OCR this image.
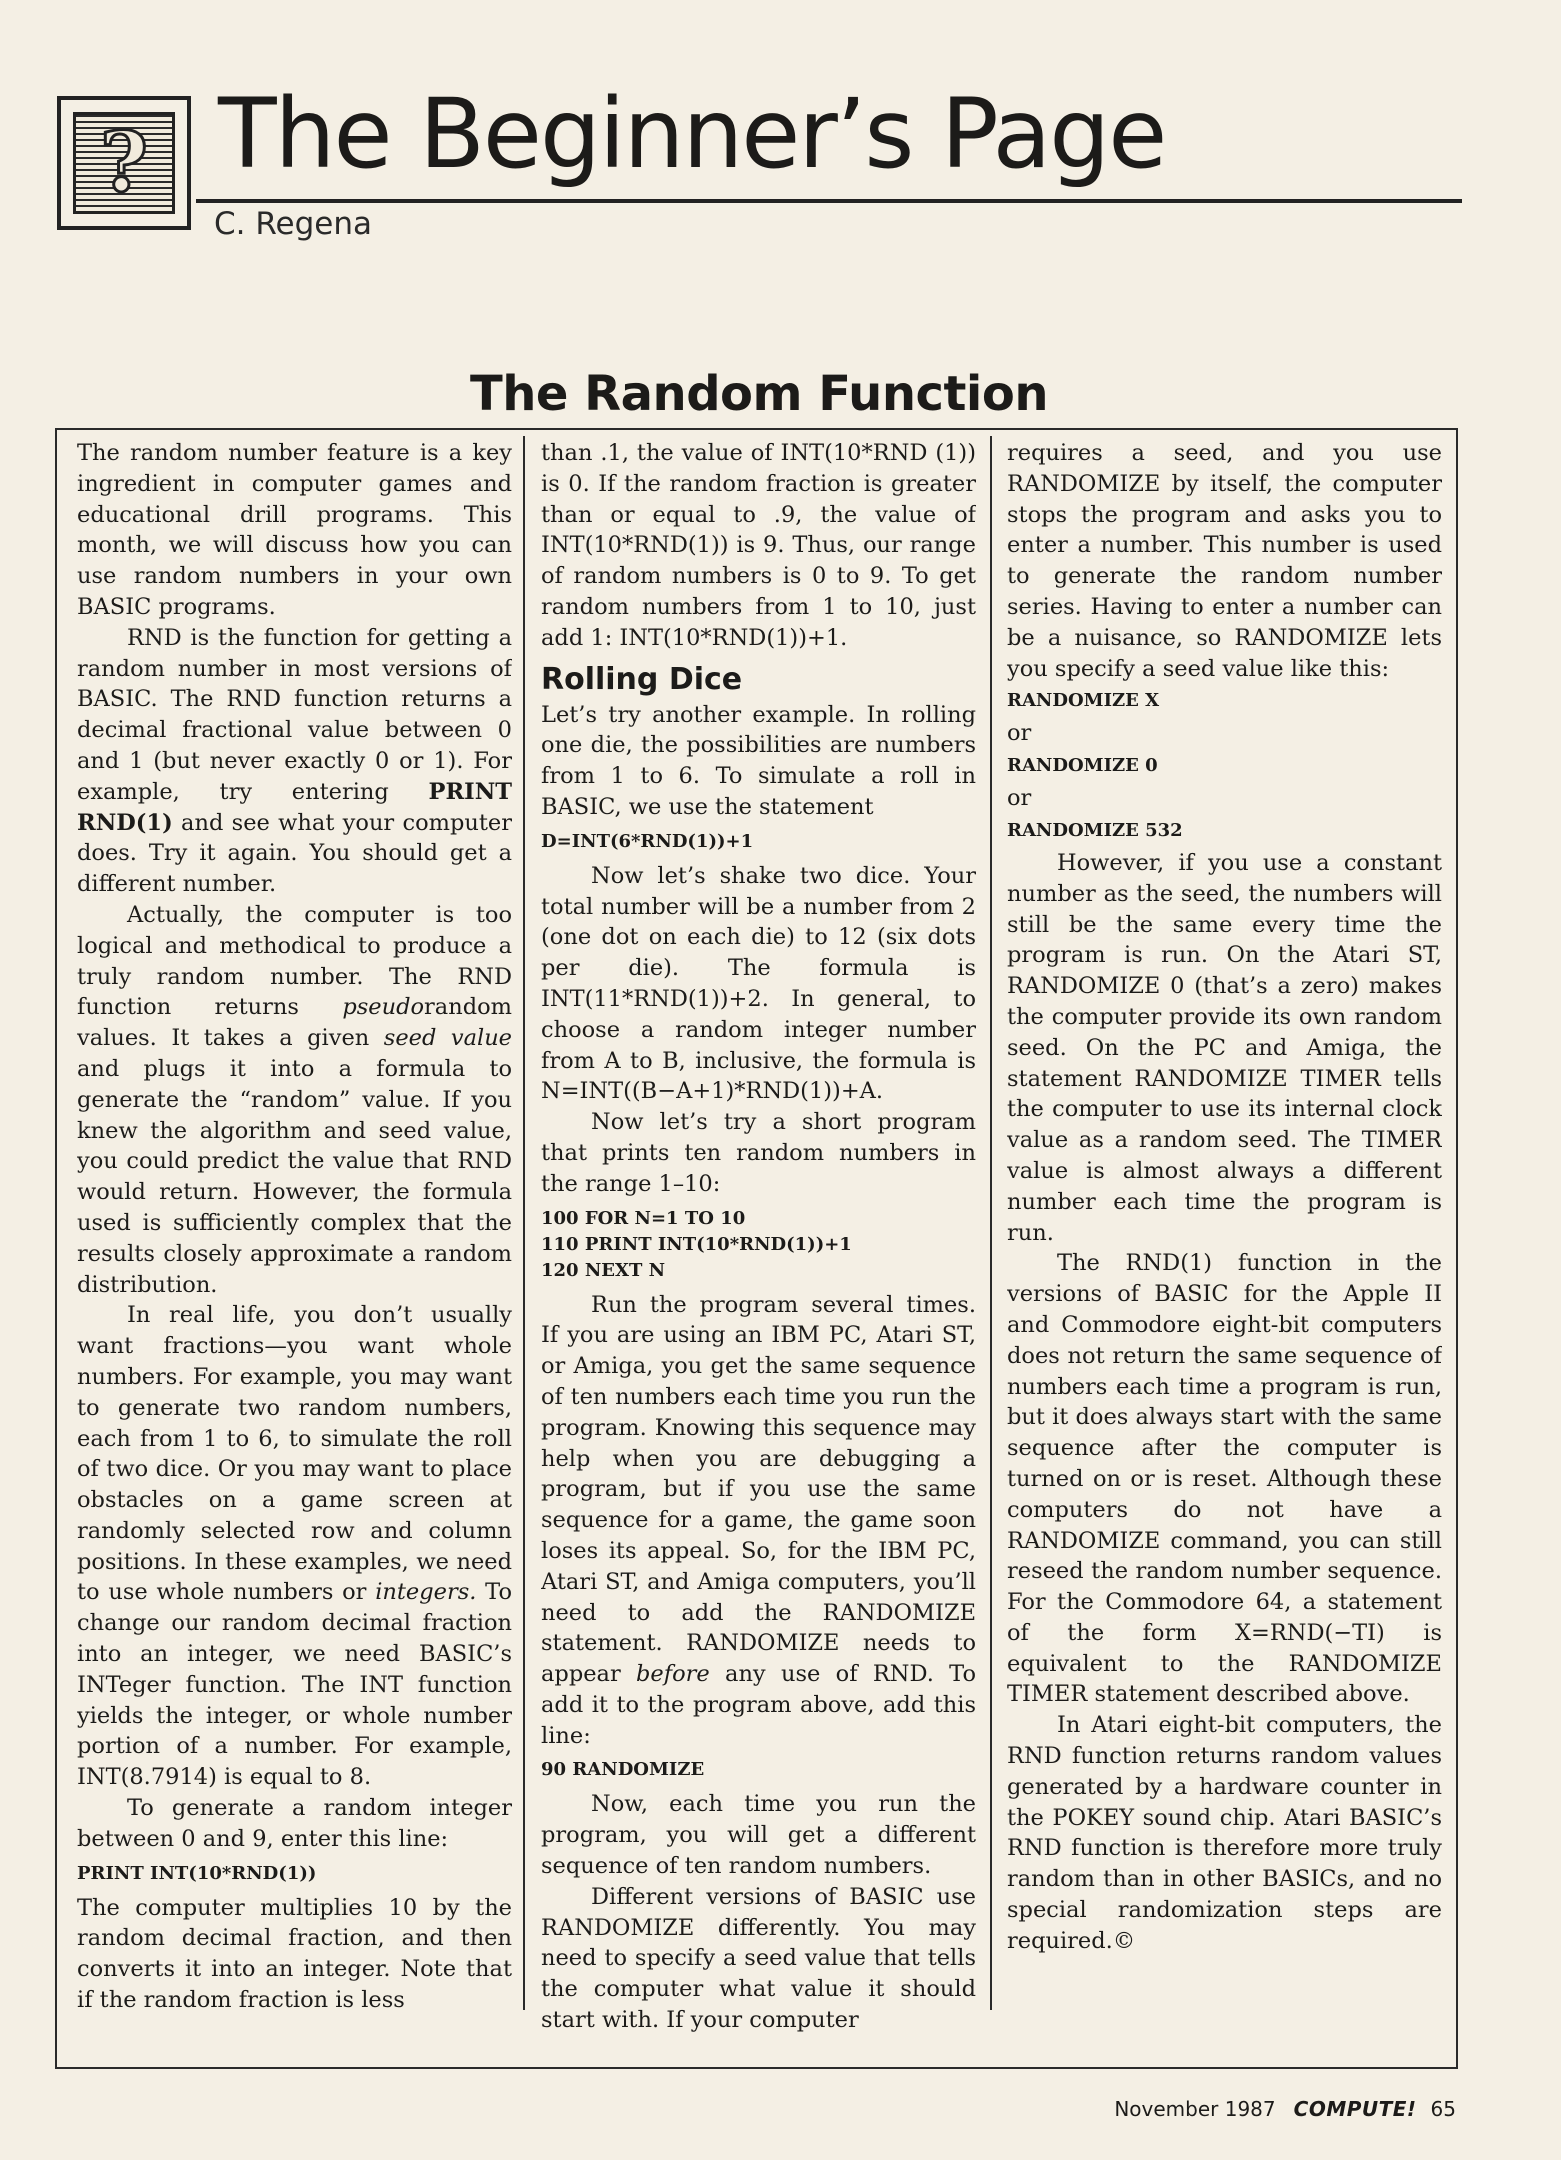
? The Beginner’s Page
C. Regena
The Random Function

The random number feature is a key ingredient in computer games and educational drill programs. This month, we will discuss how you can use random numbers in your own BASIC programs.

RND is the function for getting a random number in most versions of BASIC. The RND function returns a decimal fractional value between 0 and 1 (but never exactly 0 or 1). For example, try entering PRINT RND(1) and see what your computer does. Try it again. You should get a different number.

Actually, the computer is too logical and methodical to produce a truly random number. The RND function returns pseudorandom values. It takes a given seed value and plugs it into a formula to generate the “random” value. If you knew the algorithm and seed value, you could predict the value that RND would return. However, the formula used is sufficiently complex that the results closely approximate a random distribution.

In real life, you don’t usually want fractions—you want whole numbers. For example, you may want to generate two random numbers, each from 1 to 6, to simulate the roll of two dice. Or you may want to place obstacles on a game screen at randomly selected row and column positions. In these examples, we need to use whole numbers or integers. To change our random decimal fraction into an integer, we need BASIC’s INTeger function. The INT function yields the integer, or whole number portion of a number. For example, INT(8.7914) is equal to 8.

To generate a random integer between 0 and 9, enter this line:

PRINT INT(10*RND(1))

The computer multiplies 10 by the random decimal fraction, and then converts it into an integer. Note that if the random fraction is less

than .1, the value of INT(10*RND (1)) is 0. If the random fraction is greater than or equal to .9, the value of INT(10*RND(1)) is 9. Thus, our range of random numbers is 0 to 9. To get random numbers from 1 to 10, just add 1: INT(10*RND(1))+1.

Rolling Dice

Let’s try another example. In rolling one die, the possibilities are numbers from 1 to 6. To simulate a roll in BASIC, we use the statement

D=INT(6*RND(1))+1

Now let’s shake two dice. Your total number will be a number from 2 (one dot on each die) to 12 (six dots per die). The formula is INT(11*RND(1))+2. In general, to choose a random integer number from A to B, inclusive, the formula is N=INT((B−A+1)*RND(1))+A.

Now let’s try a short program that prints ten random numbers in the range 1–10:

100 FOR N=1 TO 10
110 PRINT INT(10*RND(1))+1
120 NEXT N

Run the program several times. If you are using an IBM PC, Atari ST, or Amiga, you get the same sequence of ten numbers each time you run the program. Knowing this sequence may help when you are debugging a program, but if you use the same sequence for a game, the game soon loses its appeal. So, for the IBM PC, Atari ST, and Amiga computers, you’ll need to add the RANDOMIZE statement. RANDOMIZE needs to appear before any use of RND. To add it to the program above, add this line:

90 RANDOMIZE

Now, each time you run the program, you will get a different sequence of ten random numbers.

Different versions of BASIC use RANDOMIZE differently. You may need to specify a seed value that tells the computer what value it should start with. If your computer

requires a seed, and you use RANDOMIZE by itself, the computer stops the program and asks you to enter a number. This number is used to generate the random number series. Having to enter a number can be a nuisance, so RANDOMIZE lets you specify a seed value like this:

RANDOMIZE X

or

RANDOMIZE 0

or

RANDOMIZE 532

However, if you use a constant number as the seed, the numbers will still be the same every time the program is run. On the Atari ST, RANDOMIZE 0 (that’s a zero) makes the computer provide its own random seed. On the PC and Amiga, the statement RANDOMIZE TIMER tells the computer to use its internal clock value as a random seed. The TIMER value is almost always a different number each time the program is run.

The RND(1) function in the versions of BASIC for the Apple II and Commodore eight-bit computers does not return the same sequence of numbers each time a program is run, but it does always start with the same sequence after the computer is turned on or is reset. Although these computers do not have a RANDOMIZE command, you can still reseed the random number sequence. For the Commodore 64, a statement of the form X=RND(−TI) is equivalent to the RANDOMIZE TIMER statement described above.

In Atari eight-bit computers, the RND function returns random values generated by a hardware counter in the POKEY sound chip. Atari BASIC’s RND function is therefore more truly random than in other BASICs, and no special randomization steps are required.©

November 1987 COMPUTE! 65
